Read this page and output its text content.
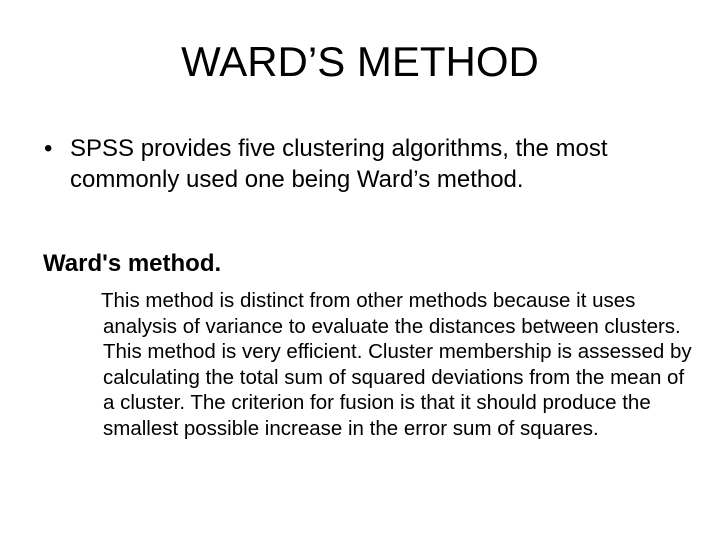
WARD’S METHOD
• SPSS provides five clustering algorithms, the most commonly used one being Ward’s method.
Ward's method.

This method is distinct from other methods because it uses analysis of variance to evaluate the distances between clusters. This method is very efficient. Cluster membership is assessed by calculating the total sum of squared deviations from the mean of a cluster. The criterion for fusion is that it should produce the smallest possible increase in the error sum of squares.
